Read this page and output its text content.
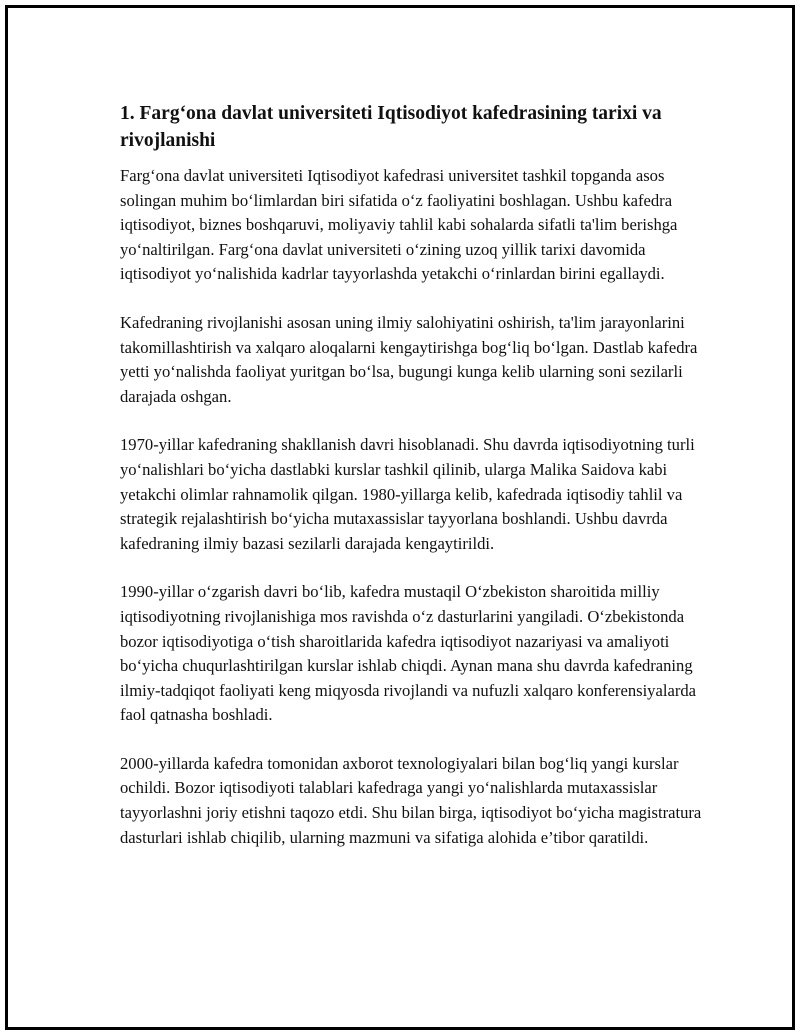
1. Farg‘ona davlat universiteti Iqtisodiyot kafedrasining tarixi va rivojlanishi

Farg‘ona davlat universiteti Iqtisodiyot kafedrasi universitet tashkil topganda asos solingan muhim bo‘limlardan biri sifatida o‘z faoliyatini boshlagan. Ushbu kafedra iqtisodiyot, biznes boshqaruvi, moliyaviy tahlil kabi sohalarda sifatli ta'lim berishga yo‘naltirilgan. Farg‘ona davlat universiteti o‘zining uzoq yillik tarixi davomida iqtisodiyot yo‘nalishida kadrlar tayyorlashda yetakchi o‘rinlardan birini egallaydi.

Kafedraning rivojlanishi asosan uning ilmiy salohiyatini oshirish, ta'lim jarayonlarini takomillashtirish va xalqaro aloqalarni kengaytirishga bog‘liq bo‘lgan. Dastlab kafedra yetti yo‘nalishda faoliyat yuritgan bo‘lsa, bugungi kunga kelib ularning soni sezilarli darajada oshgan.

1970-yillar kafedraning shakllanish davri hisoblanadi. Shu davrda iqtisodiyotning turli yo‘nalishlari bo‘yicha dastlabki kurslar tashkil qilinib, ularga Malika Saidova kabi yetakchi olimlar rahnamolik qilgan. 1980-yillarga kelib, kafedrada iqtisodiy tahlil va strategik rejalashtirish bo‘yicha mutaxassislar tayyorlana boshlandi. Ushbu davrda kafedraning ilmiy bazasi sezilarli darajada kengaytirildi.

1990-yillar o‘zgarish davri bo‘lib, kafedra mustaqil O‘zbekiston sharoitida milliy iqtisodiyotning rivojlanishiga mos ravishda o‘z dasturlarini yangiladi. O‘zbekistonda bozor iqtisodiyotiga o‘tish sharoitlarida kafedra iqtisodiyot nazariyasi va amaliyoti bo‘yicha chuqurlashtirilgan kurslar ishlab chiqdi. Aynan mana shu davrda kafedraning ilmiy-tadqiqot faoliyati keng miqyosda rivojlandi va nufuzli xalqaro konferensiyalarda faol qatnasha boshladi.

2000-yillarda kafedra tomonidan axborot texnologiyalari bilan bog‘liq yangi kurslar ochildi. Bozor iqtisodiyoti talablari kafedraga yangi yo‘nalishlarda mutaxassislar tayyorlashni joriy etishni taqozo etdi. Shu bilan birga, iqtisodiyot bo‘yicha magistratura dasturlari ishlab chiqilib, ularning mazmuni va sifatiga alohida e’tibor qaratildi.
